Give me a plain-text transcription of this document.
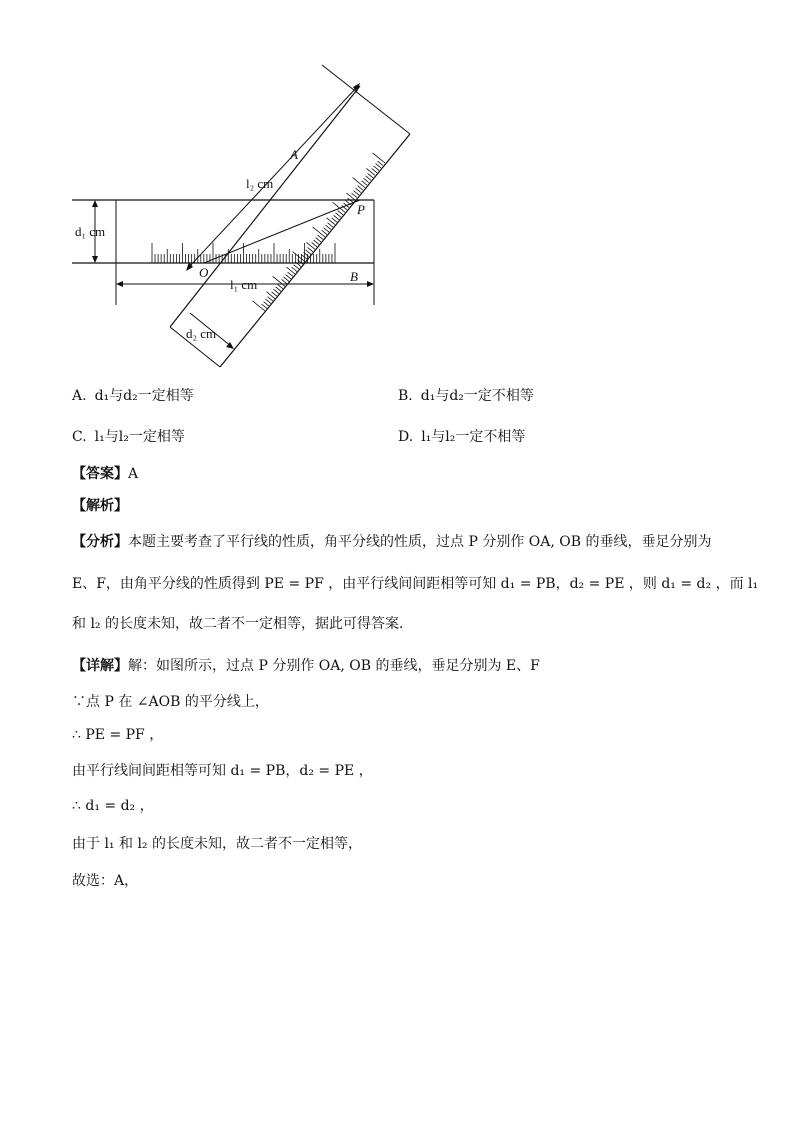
A
B
O
P
l₂ cm
d₁ cm
l₁ cm
d₂ cm
A. d₁与d₂一定相等	B. d₁与d₂一定不相等
C. l₁与l₂一定相等	D. l₁与l₂一定不相等
【答案】A
【解析】
【分析】本题主要考查了平行线的性质，角平分线的性质，过点 P 分别作 OA, OB 的垂线，垂足分别为
E、F，由角平分线的性质得到 PE = PF ，由平行线间间距相等可知 d₁ = PB，d₂ = PE ，则 d₁ = d₂ ，而 l₁
和 l₂ 的长度未知，故二者不一定相等，据此可得答案．
【详解】解：如图所示，过点 P 分别作 OA, OB 的垂线，垂足分别为 E、F
∵点 P 在 ∠AOB 的平分线上，
∴ PE = PF ，
由平行线间间距相等可知 d₁ = PB，d₂ = PE ，
∴ d₁ = d₂ ，
由于 l₁ 和 l₂ 的长度未知，故二者不一定相等，
故选：A，
